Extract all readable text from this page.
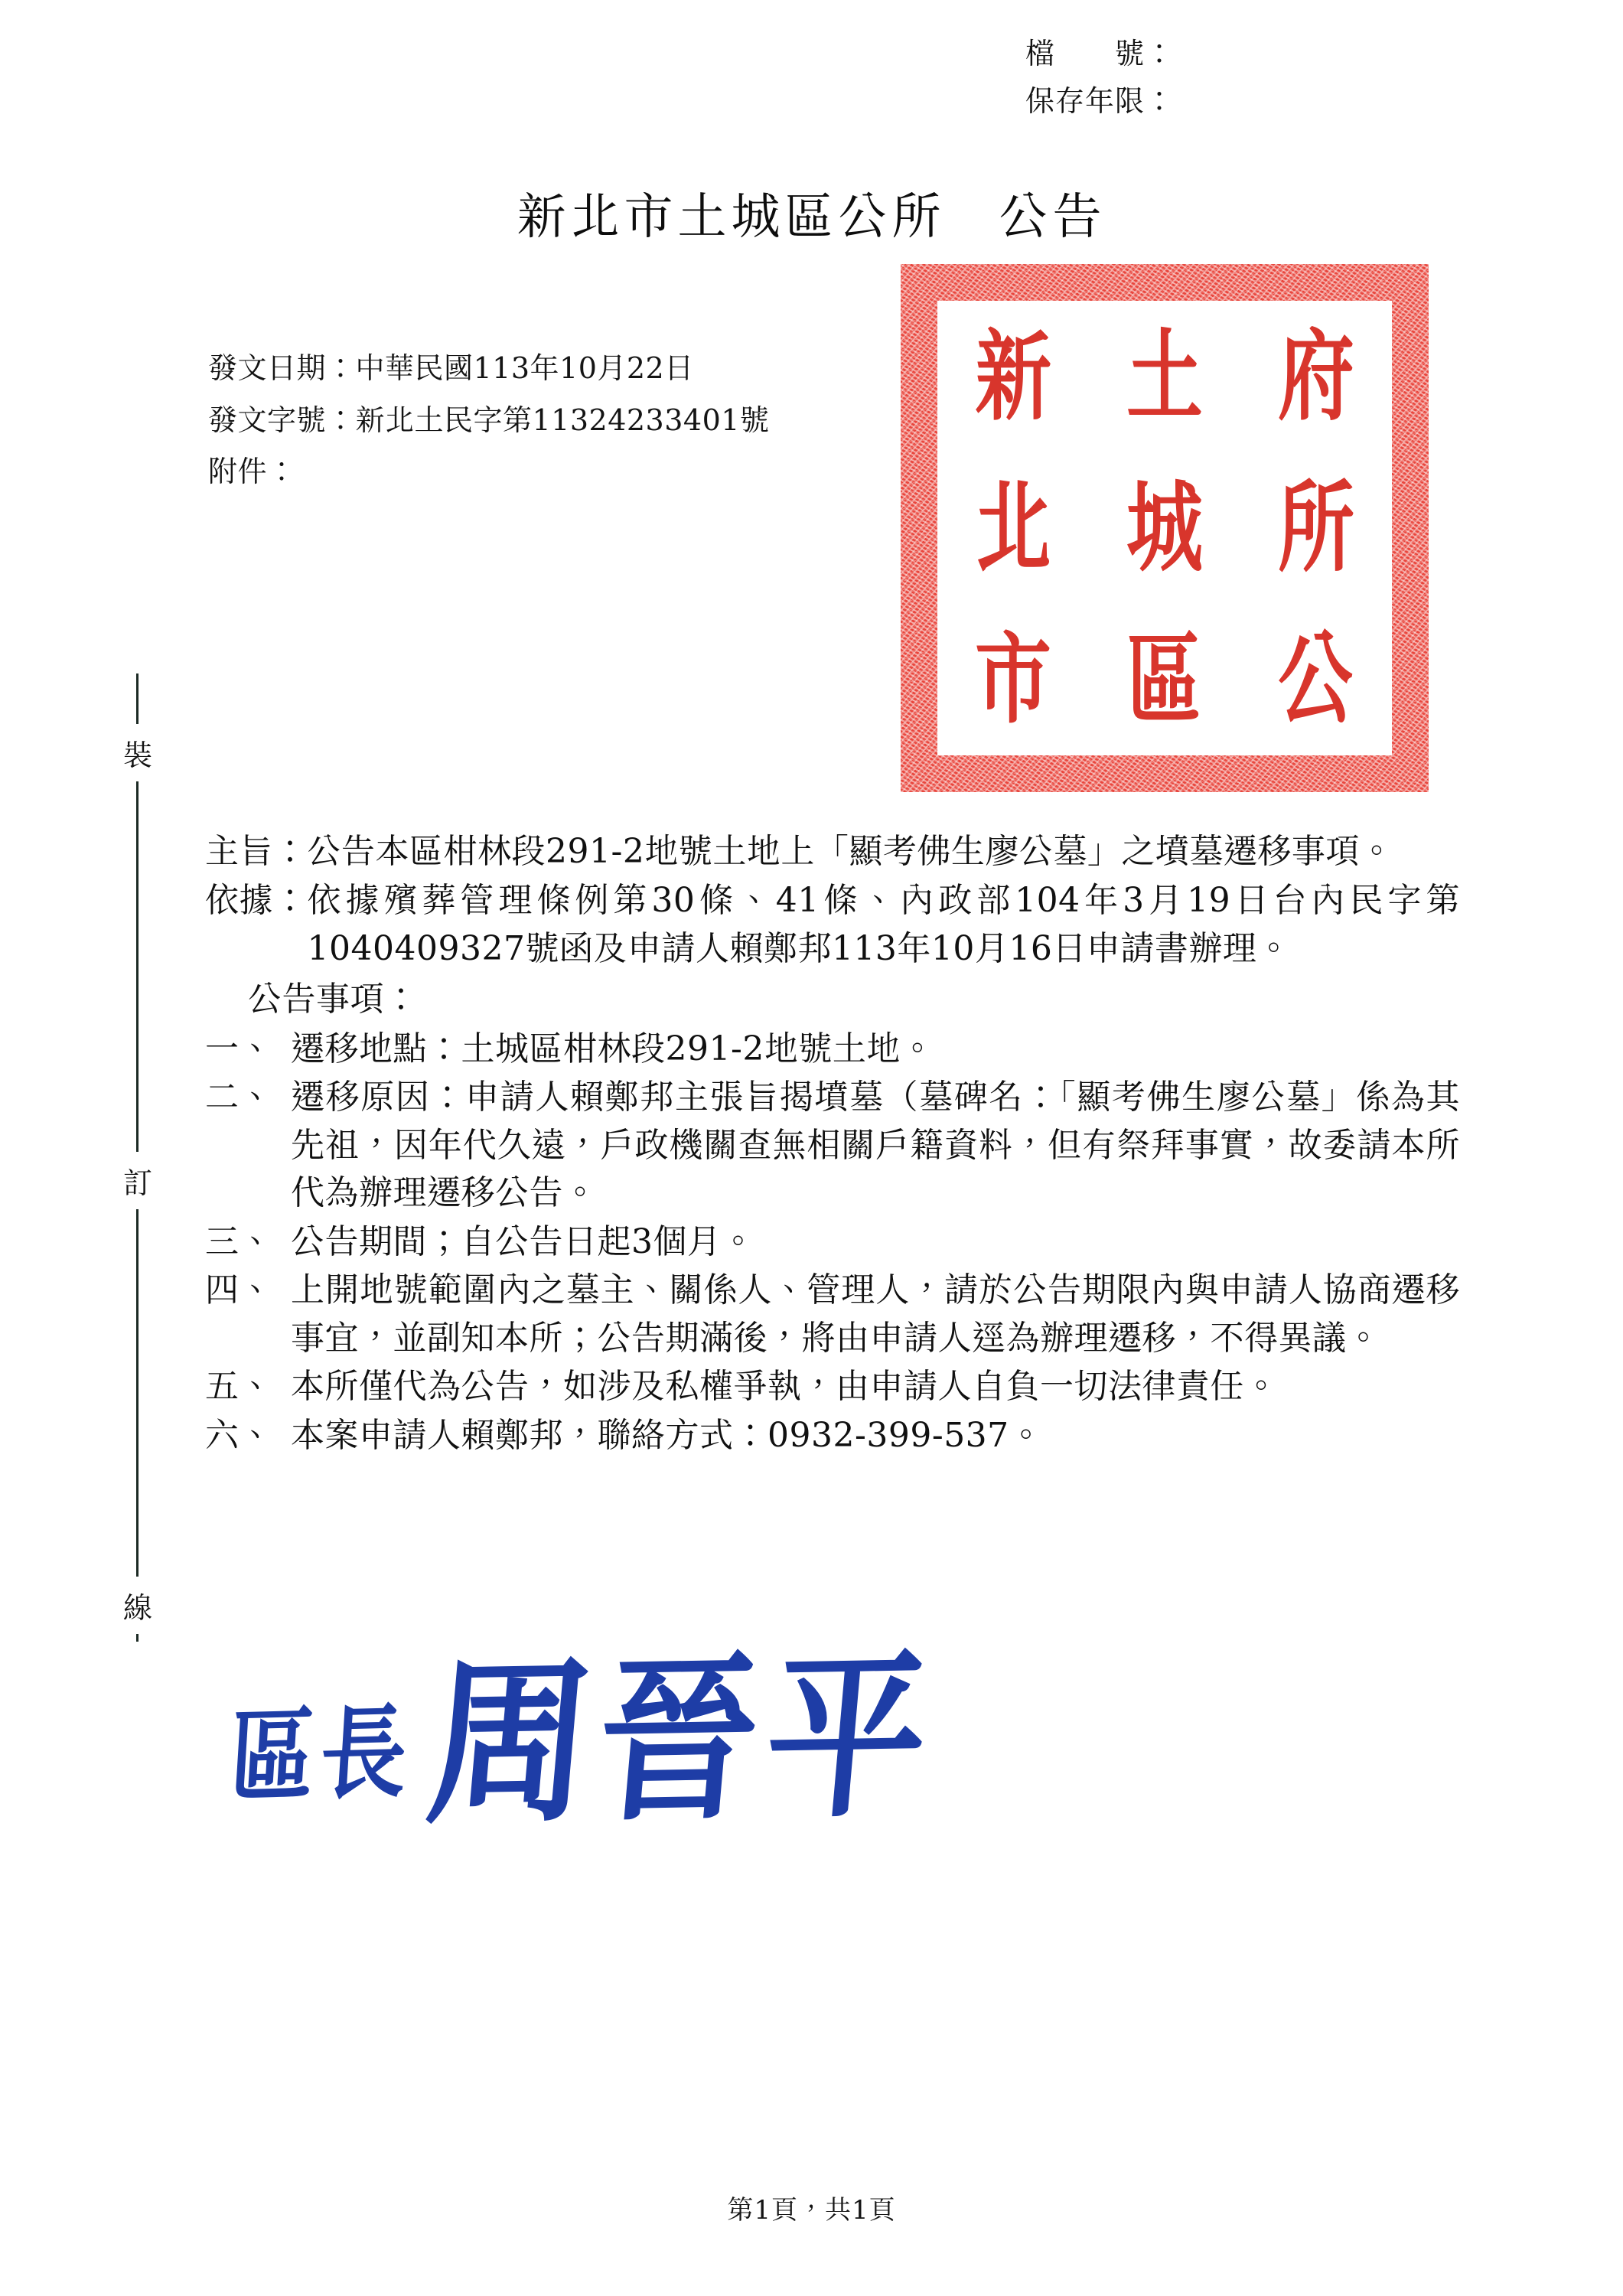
檔　　號：
保存年限：
新北市土城區公所　公告
發文日期：中華民國113年10月22日
發文字號：新北土民字第11324233401號
附件：
新 土 府
北 城 所
市 區 公
裝
訂
線
主旨： 公告本區柑林段291-2地號土地上「顯考佛生廖公墓」之墳墓遷移事項。
依據： 依據殯葬管理條例第30條、41條、內政部104年3月19日台內民字第1040409327號函及申請人賴鄭邦113年10月16日申請書辦理。
公告事項：
一、 遷移地點：土城區柑林段291-2地號土地。
二、 遷移原因：申請人賴鄭邦主張旨揭墳墓（墓碑名：「顯考佛生廖公墓」係為其先祖，因年代久遠，戶政機關查無相關戶籍資料，但有祭拜事實，故委請本所代為辦理遷移公告。
三、 公告期間；自公告日起3個月。
四、 上開地號範圍內之墓主、關係人、管理人，請於公告期限內與申請人協商遷移事宜，並副知本所；公告期滿後，將由申請人逕為辦理遷移，不得異議。
五、 本所僅代為公告，如涉及私權爭執，由申請人自負一切法律責任。
六、 本案申請人賴鄭邦，聯絡方式：0932-399-537。
區長 周晉平
第1頁，共1頁
